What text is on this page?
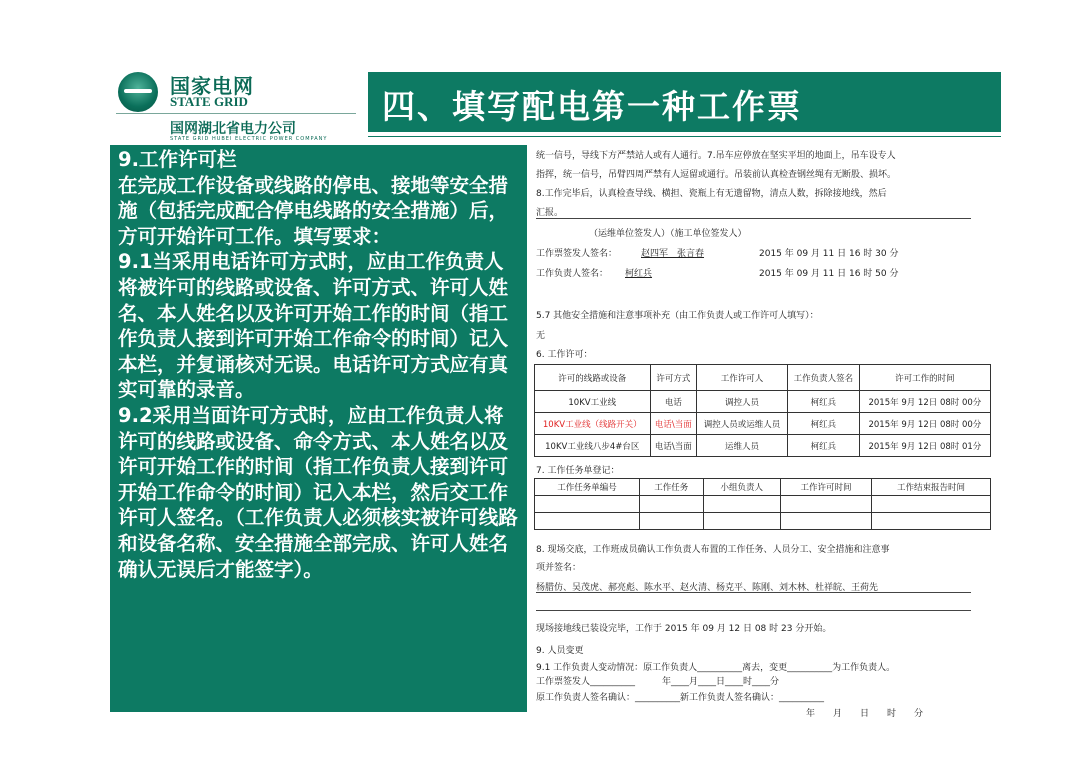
国家电网
STATE GRID
国网湖北省电力公司
STATE GRID HUBEI ELECTRIC POWER COMPANY
四、填写配电第一种工作票
9.工作许可栏
在完成工作设备或线路的停电、接地等安全措施（包括完成配合停电线路的安全措施）后，方可开始许可工作。填写要求：
9.1当采用电话许可方式时，应由工作负责人将被许可的线路或设备、许可方式、许可人姓名、本人姓名以及许可开始工作的时间（指工作负责人接到许可开始工作命令的时间）记入本栏，并复诵核对无误。电话许可方式应有真实可靠的录音。
9.2采用当面许可方式时，应由工作负责人将许可的线路或设备、命令方式、本人姓名以及许可开始工作的时间（指工作负责人接到许可开始工作命令的时间）记入本栏，然后交工作许可人签名。（工作负责人必须核实被许可线路和设备名称、安全措施全部完成、许可人姓名确认无误后才能签字）。
统一信号，导线下方严禁站人或有人通行。7.吊车应停放在坚实平坦的地面上，吊车设专人
指挥，统一信号，吊臂四周严禁有人逗留或通行。吊装前认真检查钢丝绳有无断股、损坏。
8.工作完毕后，认真检查导线、横担、瓷瓶上有无遗留物，清点人数，拆除接地线，然后
汇报。
（运维单位签发人）（施工单位签发人）
工作票签发人签名：	赵四军　张言春	2015 年 09 月 11 日 16 时 30 分
工作负责人签名： 柯红兵	2015 年 09 月 11 日 16 时 50 分
5.7 其他安全措施和注意事项补充（由工作负责人或工作许可人填写）：
无
6. 工作许可：
许可的线路或设备	许可方式	工作许可人	工作负责人签名	许可工作的时间
10KV工业线	电话	调控人员	柯红兵	2015年 9月 12日 08时 00分
10KV工业线（线路开关）	电话\当面	调控人员或运维人员	柯红兵	2015年 9月 12日 08时 00分
10KV工业线八步4#台区	电话\当面	运维人员	柯红兵	2015年 9月 12日 08时 01分
7. 工作任务单登记：
工作任务单编号	工作任务	小组负责人	工作许可时间	工作结束报告时间

8. 现场交底，工作班成员确认工作负责人布置的工作任务、人员分工、安全措施和注意事
项并签名：
杨腊仿、吴茂虎、郝亮彪、陈水平、赵火清、杨克平、陈刚、刘木林、杜祥皖、王荷先
现场接地线已装设完毕，工作于 2015 年 09 月 12 日 08 时 23 分开始。
9. 人员变更
9.1 工作负责人变动情况：原工作负责人__________离去，变更__________为工作负责人。
工作票签发人__________　　　年____月____日____时____分
原工作负责人签名确认：__________新工作负责人签名确认：__________
年　　月　　日　　时　　分
